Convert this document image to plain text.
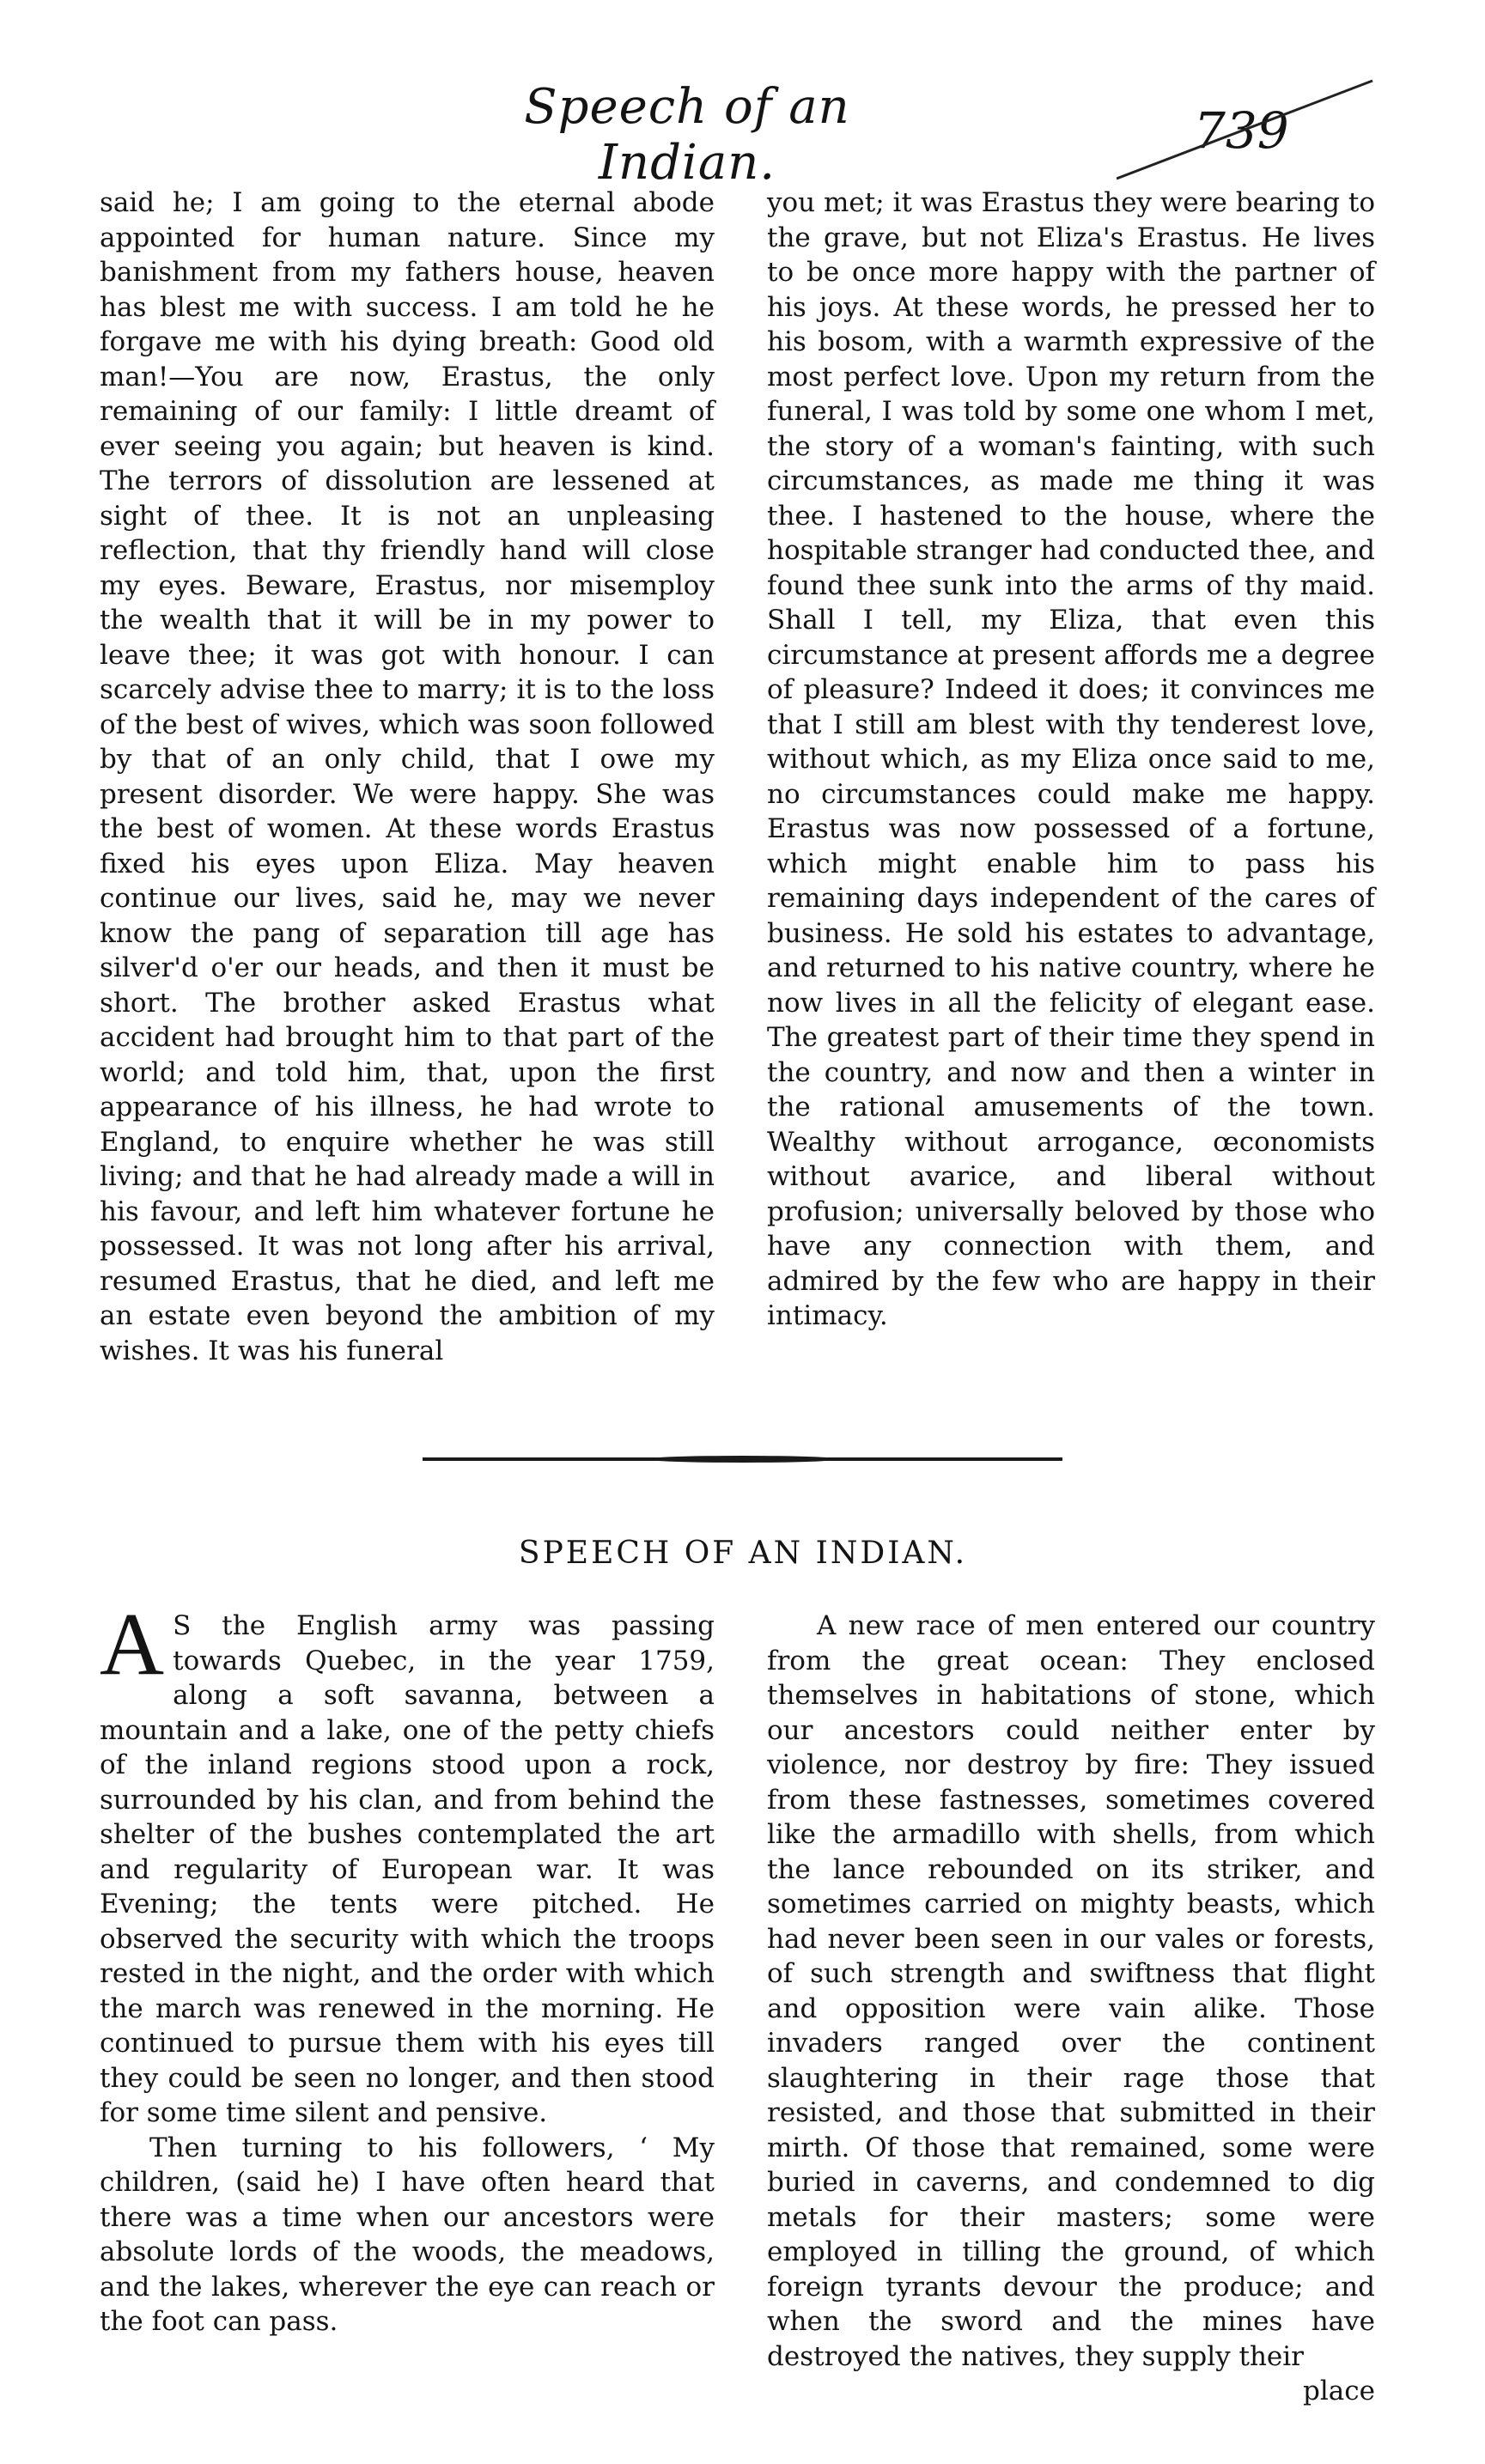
Speech of an Indian.
739

said he; I am going to the eternal abode appointed for human nature. Since my banishment from my fathers house, heaven has blest me with success. I am told he he forgave me with his dying breath: Good old man!—You are now, Erastus, the only remaining of our family: I little dreamt of ever seeing you again; but heaven is kind. The terrors of dissolution are lessened at sight of thee. It is not an unpleasing reflection, that thy friendly hand will close my eyes. Beware, Erastus, nor misemploy the wealth that it will be in my power to leave thee; it was got with honour. I can scarcely advise thee to marry; it is to the loss of the best of wives, which was soon followed by that of an only child, that I owe my present disorder. We were happy. She was the best of women. At these words Erastus fixed his eyes upon Eliza. May heaven continue our lives, said he, may we never know the pang of separation till age has silver'd o'er our heads, and then it must be short. The brother asked Erastus what accident had brought him to that part of the world; and told him, that, upon the first appearance of his illness, he had wrote to England, to enquire whether he was still living; and that he had already made a will in his favour, and left him whatever fortune he possessed. It was not long after his arrival, resumed Erastus, that he died, and left me an estate even beyond the ambition of my wishes. It was his funeral

you met; it was Erastus they were bearing to the grave, but not Eliza's Erastus. He lives to be once more happy with the partner of his joys. At these words, he pressed her to his bosom, with a warmth expressive of the most perfect love. Upon my return from the funeral, I was told by some one whom I met, the story of a woman's fainting, with such circumstances, as made me thing it was thee. I hastened to the house, where the hospitable stranger had conducted thee, and found thee sunk into the arms of thy maid. Shall I tell, my Eliza, that even this circumstance at present affords me a degree of pleasure? Indeed it does; it convinces me that I still am blest with thy tenderest love, without which, as my Eliza once said to me, no circumstances could make me happy. Erastus was now possessed of a fortune, which might enable him to pass his remaining days independent of the cares of business. He sold his estates to advantage, and returned to his native country, where he now lives in all the felicity of elegant ease. The greatest part of their time they spend in the country, and now and then a winter in the rational amusements of the town. Wealthy without arrogance, œconomists without avarice, and liberal without profusion; universally beloved by those who have any connection with them, and admired by the few who are happy in their intimacy.

SPEECH OF AN INDIAN.

A S the English army was passing towards Quebec, in the year 1759, along a soft savanna, between a mountain and a lake, one of the petty chiefs of the inland regions stood upon a rock, surrounded by his clan, and from behind the shelter of the bushes contemplated the art and regularity of European war. It was Evening; the tents were pitched. He observed the security with which the troops rested in the night, and the order with which the march was renewed in the morning. He continued to pursue them with his eyes till they could be seen no longer, and then stood for some time silent and pensive.

Then turning to his followers, ‘ My children, (said he) I have often heard that there was a time when our ancestors were absolute lords of the woods, the meadows, and the lakes, wherever the eye can reach or the foot can pass.

A new race of men entered our country from the great ocean: They enclosed themselves in habitations of stone, which our ancestors could neither enter by violence, nor destroy by fire: They issued from these fastnesses, sometimes covered like the armadillo with shells, from which the lance rebounded on its striker, and sometimes carried on mighty beasts, which had never been seen in our vales or forests, of such strength and swiftness that flight and opposition were vain alike. Those invaders ranged over the continent slaughtering in their rage those that resisted, and those that submitted in their mirth. Of those that remained, some were buried in caverns, and condemned to dig metals for their masters; some were employed in tilling the ground, of which foreign tyrants devour the produce; and when the sword and the mines have destroyed the natives, they supply their

place
